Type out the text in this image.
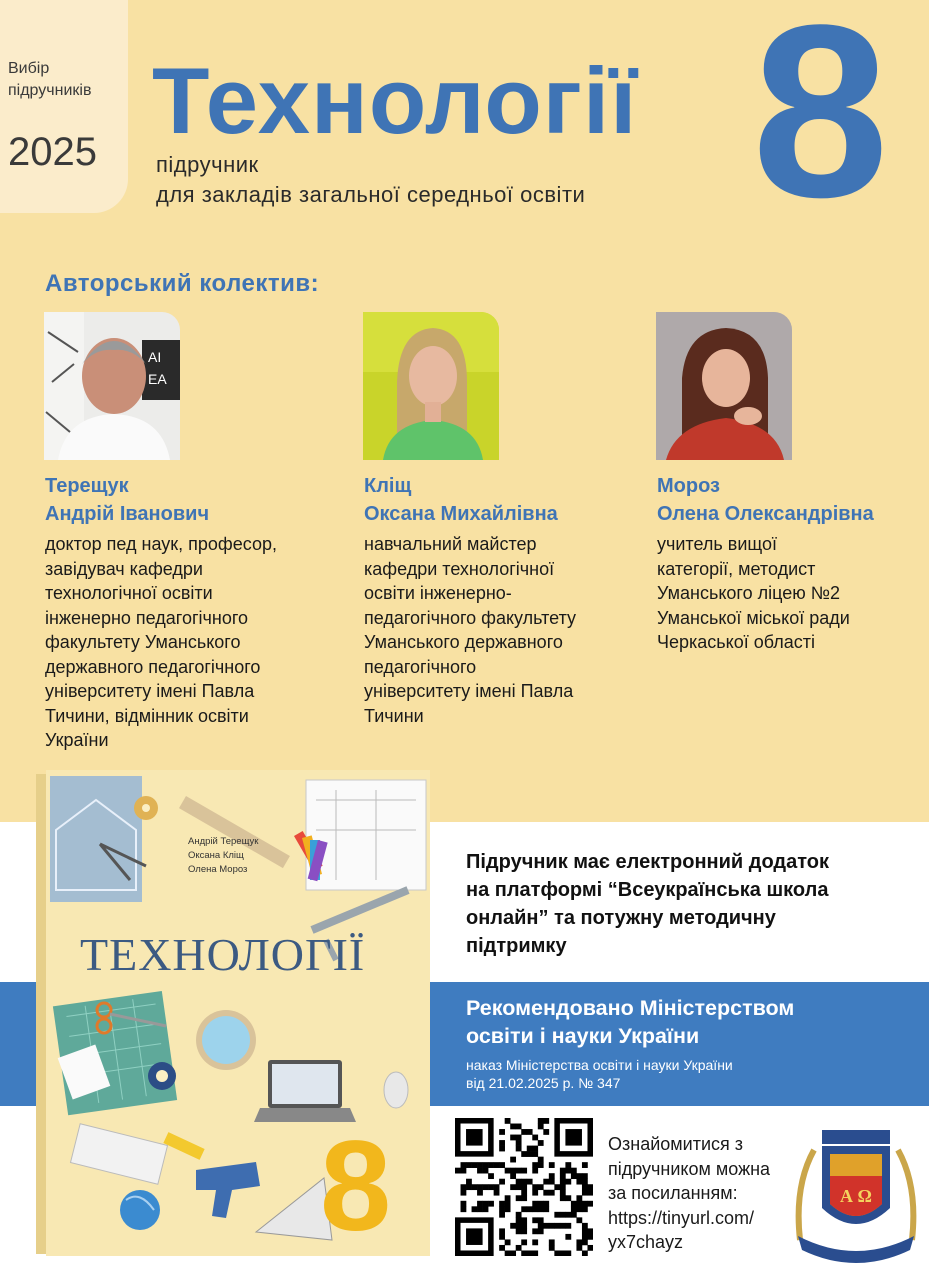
Вибір
підручників
2025 Технології
підручник
для закладів загальної середньої освіти 8
Авторський колектив:
AI
EA
Терещук
Андрій Іванович
доктор пед наук, професор,
завідувач кафедри
технологічної освіти
інженерно педагогічного
факультету Уманського
державного педагогічного
університету імені Павла
Тичини, відмінник освіти
України
Кліщ
Оксана Михайлівна
навчальний майстер
кафедри технологічної
освіти інженерно-
педагогічного факультету
Уманського державного
педагогічного
університету імені Павла
Тичини
Мороз
Олена Олександрівна
учитель вищої
категорії, методист
Уманського ліцею №2
Уманської міської ради
Черкаської області
Підручник має електронний додаток
на платформі “Всеукраїнська школа
онлайн” та потужну методичну
підтримку
Рекомендовано Міністерством
освіти і науки України
наказ Міністерства освіти і науки України
від 21.02.2025 р. № 347
Ознайомитися з
підручником можна
за посиланням:
https://tinyurl.com/
yx7chayz
А Ω
Андрій Терещук
Оксана Кліщ
Олена Мороз
ТЕХНОЛОГІЇ
8
